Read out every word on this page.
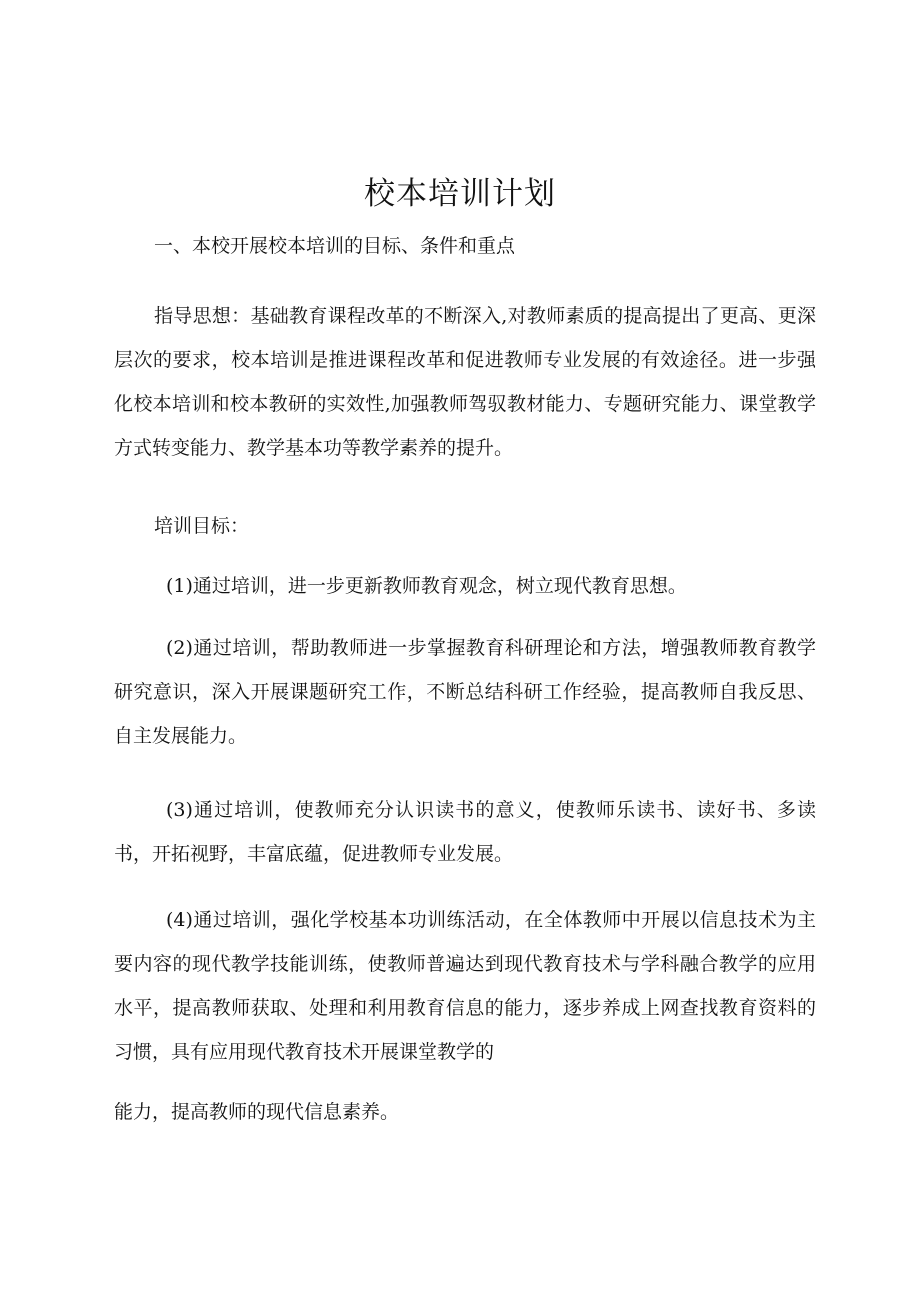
校本培训计划

一、本校开展校本培训的目标、条件和重点

指导思想：基础教育课程改革的不断深入,对教师素质的提高提出了更高、更深层次的要求，校本培训是推进课程改革和促进教师专业发展的有效途径。进一步强化校本培训和校本教研的实效性,加强教师驾驭教材能力、专题研究能力、课堂教学方式转变能力、教学基本功等教学素养的提升。

培训目标：

(1)通过培训，进一步更新教师教育观念，树立现代教育思想。

(2)通过培训，帮助教师进一步掌握教育科研理论和方法，增强教师教育教学研究意识，深入开展课题研究工作，不断总结科研工作经验，提高教师自我反思、自主发展能力。

(3)通过培训，使教师充分认识读书的意义，使教师乐读书、读好书、多读书，开拓视野，丰富底蕴，促进教师专业发展。

(4)通过培训，强化学校基本功训练活动，在全体教师中开展以信息技术为主要内容的现代教学技能训练，使教师普遍达到现代教育技术与学科融合教学的应用水平，提高教师获取、处理和利用教育信息的能力，逐步养成上网查找教育资料的习惯，具有应用现代教育技术开展课堂教学的

能力，提高教师的现代信息素养。
